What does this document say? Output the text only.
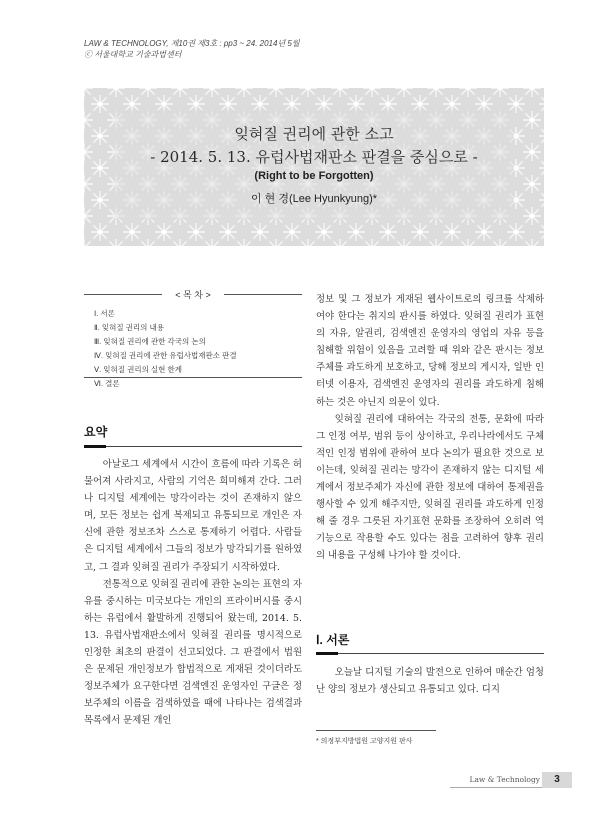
LAW & TECHNOLOGY, 제10권 제3호 : pp3 ~ 24. 2014년 5월
ⓒ 서울대학교 기술과법센터
잊혀질 권리에 관한 소고
- 2014. 5. 13. 유럽사법재판소 판결을 중심으로 -
(Right to be Forgotten)
이 현 경(Lee Hyunkyung)*
< 목 차 >
Ⅰ. 서론
Ⅱ. 잊혀질 권리의 내용
Ⅲ. 잊혀질 권리에 관한 각국의 논의
Ⅳ. 잊혀질 권리에 관한 유럽사법재판소 판결
Ⅴ. 잊혀질 권리의 실현 한계
Ⅵ. 결론
요약

아날로그 세계에서 시간이 흐름에 따라 기록은 허물어져 사라지고, 사람의 기억은 희미해져 간다. 그러나 디지털 세계에는 망각이라는 것이 존재하지 않으며, 모든 정보는 쉽게 복제되고 유통되므로 개인은 자신에 관한 정보조차 스스로 통제하기 어렵다. 사람들은 디지털 세계에서 그들의 정보가 망각되기를 원하였고, 그 결과 잊혀질 권리가 주장되기 시작하였다.

전통적으로 잊혀질 권리에 관한 논의는 표현의 자유를 중시하는 미국보다는 개인의 프라이버시를 중시하는 유럽에서 활발하게 진행되어 왔는데, 2014. 5. 13. 유럽사법재판소에서 잊혀질 권리를 명시적으로 인정한 최초의 판결이 선고되었다. 그 판결에서 법원은 문제된 개인정보가 합법적으로 게재된 것이더라도 정보주체가 요구한다면 검색엔진 운영자인 구글은 정보주체의 이름을 검색하였을 때에 나타나는 검색결과목록에서 문제된 개인

정보 및 그 정보가 게재된 웹사이트로의 링크를 삭제하여야 한다는 취지의 판시를 하였다. 잊혀질 권리가 표현의 자유, 알권리, 검색엔진 운영자의 영업의 자유 등을 침해할 위험이 있음을 고려할 때 위와 같은 판시는 정보주체를 과도하게 보호하고, 당해 정보의 게시자, 일반 인터넷 이용자, 검색엔진 운영자의 권리를 과도하게 침해하는 것은 아닌지 의문이 있다.

잊혀질 권리에 대하여는 각국의 전통, 문화에 따라 그 인정 여부, 범위 등이 상이하고, 우리나라에서도 구체적인 인정 범위에 관하여 보다 논의가 필요한 것으로 보이는데, 잊혀질 권리는 망각이 존재하지 않는 디지털 세계에서 정보주체가 자신에 관한 정보에 대하여 통제권을 행사할 수 있게 해주지만, 잊혀질 권리를 과도하게 인정해 줄 경우 그릇된 자기표현 문화를 조장하여 오히려 역기능으로 작용할 수도 있다는 점을 고려하여 향후 권리의 내용을 구성해 나가야 할 것이다.

Ⅰ. 서론

오늘날 디지털 기술의 발전으로 인하여 매순간 엄청난 양의 정보가 생산되고 유통되고 있다. 디지

* 의정부지방법원 고양지원 판사
Law & Technology	3
